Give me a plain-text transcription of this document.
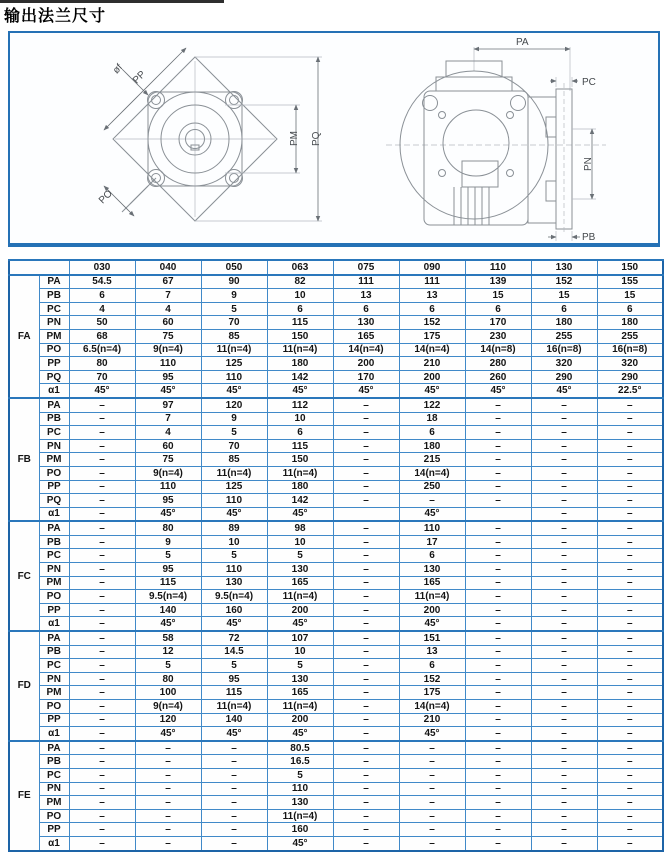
输出法兰尺寸
PP
øf
PO
PM PQ
PA
PC
PN
PB
		030	040	050	063	075	090	110	130	150
FA	PA	54.5	67	90	82	111	111	139	152	155
	PB	6	7	9	10	13	13	15	15	15
	PC	4	4	5	6	6	6	6	6	6
	PN	50	60	70	115	130	152	170	180	180
	PM	68	75	85	150	165	175	230	255	255
	PO	6.5(n=4)	9(n=4)	11(n=4)	11(n=4)	14(n=4)	14(n=4)	14(n=8)	16(n=8)	16(n=8)
	PP	80	110	125	180	200	210	280	320	320
	PQ	70	95	110	142	170	200	260	290	290
	α1	45°	45°	45°	45°	45°	45°	45°	45°	22.5°
FB	PA	–	97	120	112	–	122	–	–	–
	PB	–	7	9	10	–	18	–	–	–
	PC	–	4	5	6	–	6	–	–	–
	PN	–	60	70	115	–	180	–	–	–
	PM	–	75	85	150	–	215	–	–	–
	PO	–	9(n=4)	11(n=4)	11(n=4)	–	14(n=4)	–	–	–
	PP	–	110	125	180	–	250	–	–	–
	PQ	–	95	110	142	–	–	–	–	–
	α1	–	45°	45°	45°		45°		–	–
FC	PA	–	80	89	98	–	110	–	–	–
	PB	–	9	10	10	–	17	–	–	–
	PC	–	5	5	5	–	6	–	–	–
	PN	–	95	110	130	–	130	–	–	–
	PM	–	115	130	165	–	165	–	–	–
	PO	–	9.5(n=4)	9.5(n=4)	11(n=4)	–	11(n=4)	–	–	–
	PP	–	140	160	200	–	200	–	–	–
	α1	–	45°	45°	45°	–	45°	–	–	–
FD	PA	–	58	72	107	–	151	–	–	–
	PB	–	12	14.5	10	–	13	–	–	–
	PC	–	5	5	5	–	6	–	–	–
	PN	–	80	95	130	–	152	–	–	–
	PM	–	100	115	165	–	175	–	–	–
	PO	–	9(n=4)	11(n=4)	11(n=4)	–	14(n=4)	–	–	–
	PP	–	120	140	200	–	210	–	–	–
	α1	–	45°	45°	45°	–	45°	–	–	–
FE	PA	–	–	–	80.5	–	–	–	–	–
	PB	–	–	–	16.5	–	–	–	–	–
	PC	–	–	–	5	–	–	–	–	–
	PN	–	–	–	110	–	–	–	–	–
	PM	–	–	–	130	–	–	–	–	–
	PO	–	–	–	11(n=4)	–	–	–	–	–
	PP	–	–	–	160	–	–	–	–	–
	α1	–	–	–	45°	–	–	–	–	–
